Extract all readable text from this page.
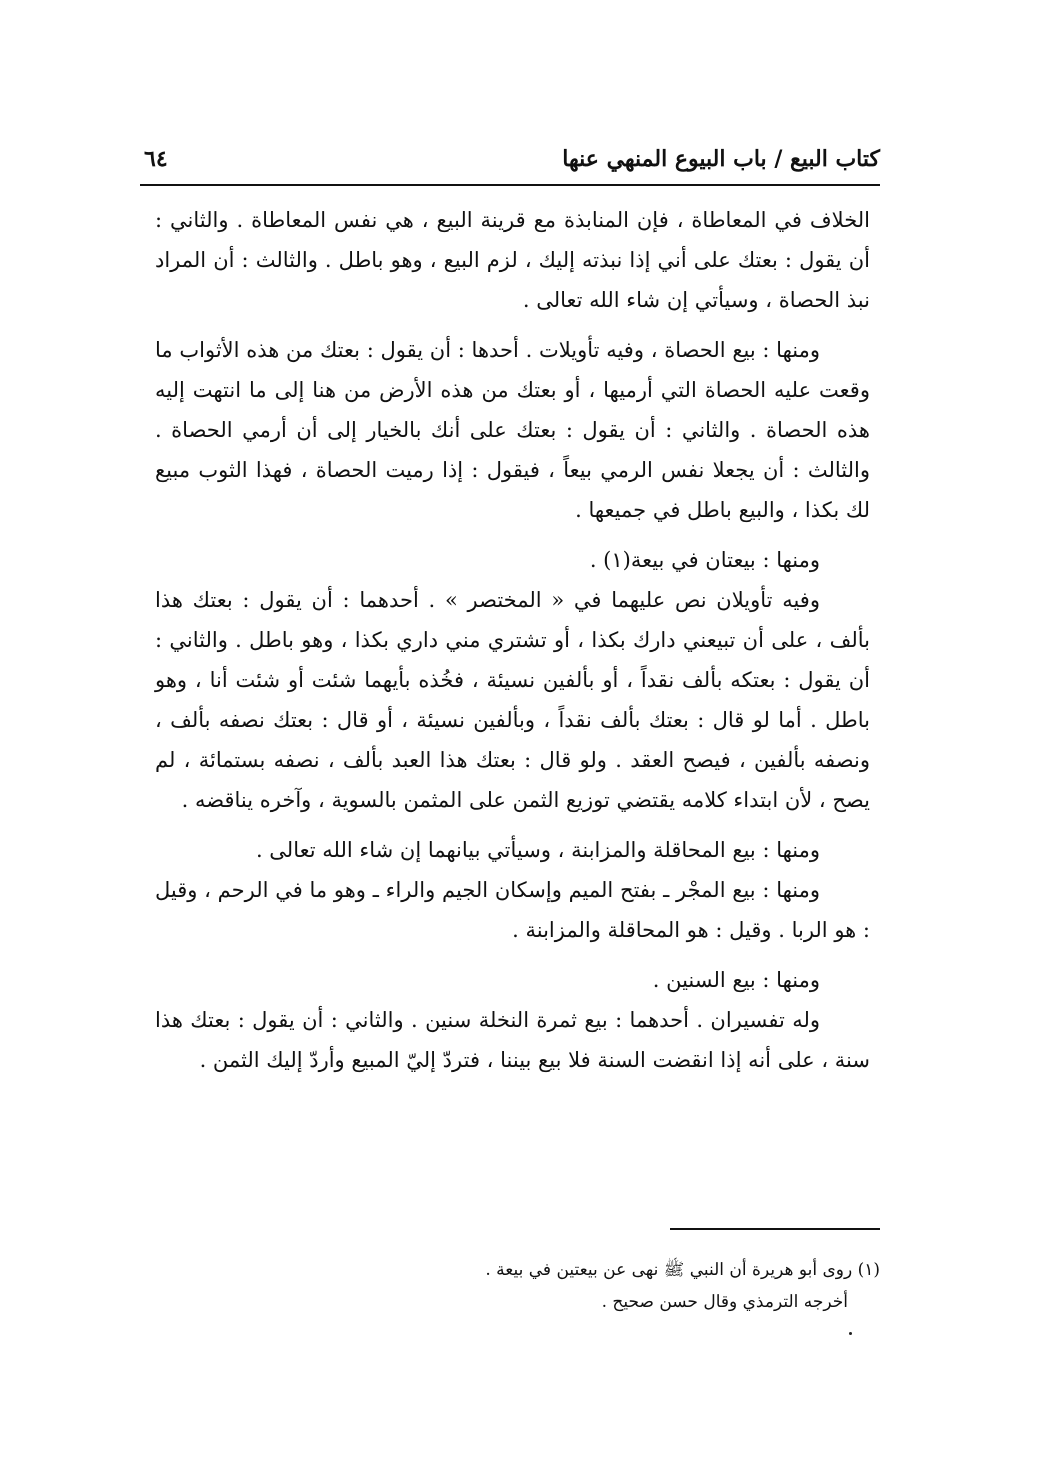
كتاب البيع / باب البيوع المنهي عنها
٦٤

الخلاف في المعاطاة ، فإن المنابذة مع قرينة البيع ، هي نفس المعاطاة . والثاني : أن يقول : بعتك على أني إذا نبذته إليك ، لزم البيع ، وهو باطل . والثالث : أن المراد نبذ الحصاة ، وسيأتي إن شاء الله تعالى .

ومنها : بيع الحصاة ، وفيه تأويلات . أحدها : أن يقول : بعتك من هذه الأثواب ما وقعت عليه الحصاة التي أرميها ، أو بعتك من هذه الأرض من هنا إلى ما انتهت إليه هذه الحصاة . والثاني : أن يقول : بعتك على أنك بالخيار إلى أن أرمي الحصاة . والثالث : أن يجعلا نفس الرمي بيعاً ، فيقول : إذا رميت الحصاة ، فهذا الثوب مبيع لك بكذا ، والبيع باطل في جميعها .

ومنها : بيعتان في بيعة(١) .

وفيه تأويلان نص عليهما في « المختصر » . أحدهما : أن يقول : بعتك هذا بألف ، على أن تبيعني دارك بكذا ، أو تشتري مني داري بكذا ، وهو باطل . والثاني : أن يقول : بعتكه بألف نقداً ، أو بألفين نسيئة ، فخُذه بأيهما شئت أو شئت أنا ، وهو باطل . أما لو قال : بعتك بألف نقداً ، وبألفين نسيئة ، أو قال : بعتك نصفه بألف ، ونصفه بألفين ، فيصح العقد . ولو قال : بعتك هذا العبد بألف ، نصفه بستمائة ، لم يصح ، لأن ابتداء كلامه يقتضي توزيع الثمن على المثمن بالسوية ، وآخره يناقضه .

ومنها : بيع المحاقلة والمزابنة ، وسيأتي بيانهما إن شاء الله تعالى .

ومنها : بيع المجْر ـ بفتح الميم وإسكان الجيم والراء ـ وهو ما في الرحم ، وقيل : هو الربا . وقيل : هو المحاقلة والمزابنة .

ومنها : بيع السنين .

وله تفسيران . أحدهما : بيع ثمرة النخلة سنين . والثاني : أن يقول : بعتك هذا سنة ، على أنه إذا انقضت السنة فلا بيع بيننا ، فتردّ إليّ المبيع وأردّ إليك الثمن .

(١) روى أبو هريرة أن النبي ﷺ نهى عن بيعتين في بيعة .

أخرجه الترمذي وقال حسن صحيح .
